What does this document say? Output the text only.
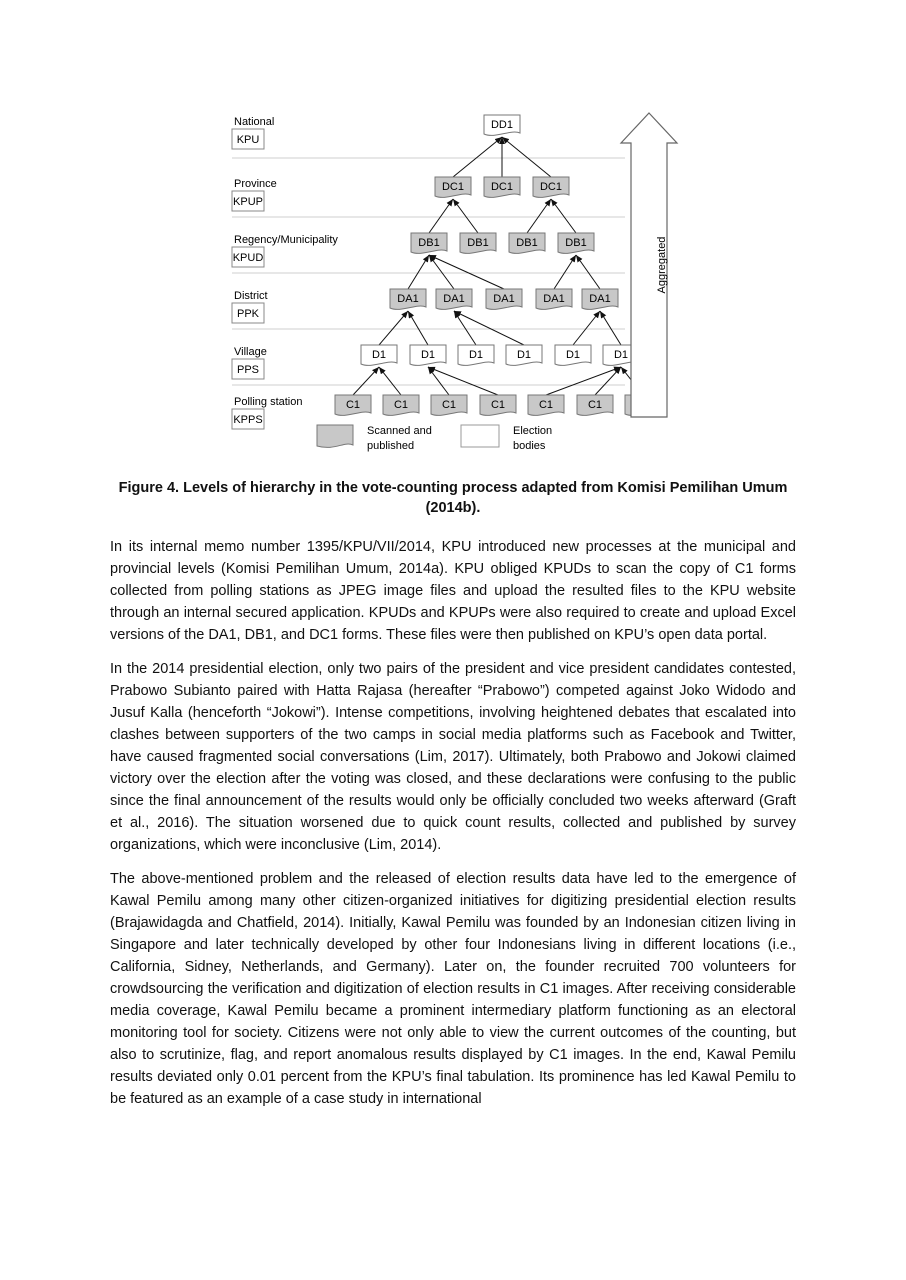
National
KPU
Province
KPUP
Regency/Municipality
KPUD
District
PPK
Village
PPS
Polling station
KPPS
DD1
DC1 DC1 DC1
DB1	DB1	DB1	DB1
DA1 DA1	DA1	DA1 DA1
D1	D1	D1	D1	D1	D1
C1	C1	C1	C1	C1	C1
Aggregated
Scanned and
published
Election
bodies
Figure 4. Levels of hierarchy in the vote-counting process adapted from Komisi Pemilihan Umum
(2014b).

In its internal memo number 1395/KPU/VII/2014, KPU introduced new processes at the municipal and provincial levels (Komisi Pemilihan Umum, 2014a). KPU obliged KPUDs to scan the copy of C1 forms collected from polling stations as JPEG image files and upload the resulted files to the KPU website through an internal secured application. KPUDs and KPUPs were also required to create and upload Excel versions of the DA1, DB1, and DC1 forms. These files were then published on KPU’s open data portal.

In the 2014 presidential election, only two pairs of the president and vice president candidates contested, Prabowo Subianto paired with Hatta Rajasa (hereafter “Prabowo”) competed against Joko Widodo and Jusuf Kalla (henceforth “Jokowi”). Intense competitions, involving heightened debates that escalated into clashes between supporters of the two camps in social media platforms such as Facebook and Twitter, have caused fragmented social conversations (Lim, 2017). Ultimately, both Prabowo and Jokowi claimed victory over the election after the voting was closed, and these declarations were confusing to the public since the final announcement of the results would only be officially concluded two weeks afterward (Graft et al., 2016). The situation worsened due to quick count results, collected and published by survey organizations, which were inconclusive (Lim, 2014).

The above-mentioned problem and the released of election results data have led to the emergence of Kawal Pemilu among many other citizen-organized initiatives for digitizing presidential election results (Brajawidagda and Chatfield, 2014). Initially, Kawal Pemilu was founded by an Indonesian citizen living in Singapore and later technically developed by other four Indonesians living in different locations (i.e., California, Sidney, Netherlands, and Germany). Later on, the founder recruited 700 volunteers for crowdsourcing the verification and digitization of election results in C1 images. After receiving considerable media coverage, Kawal Pemilu became a prominent intermediary platform functioning as an electoral monitoring tool for society. Citizens were not only able to view the current outcomes of the counting, but also to scrutinize, flag, and report anomalous results displayed by C1 images. In the end, Kawal Pemilu results deviated only 0.01 percent from the KPU’s final tabulation. Its prominence has led Kawal Pemilu to be featured as an example of a case study in international
